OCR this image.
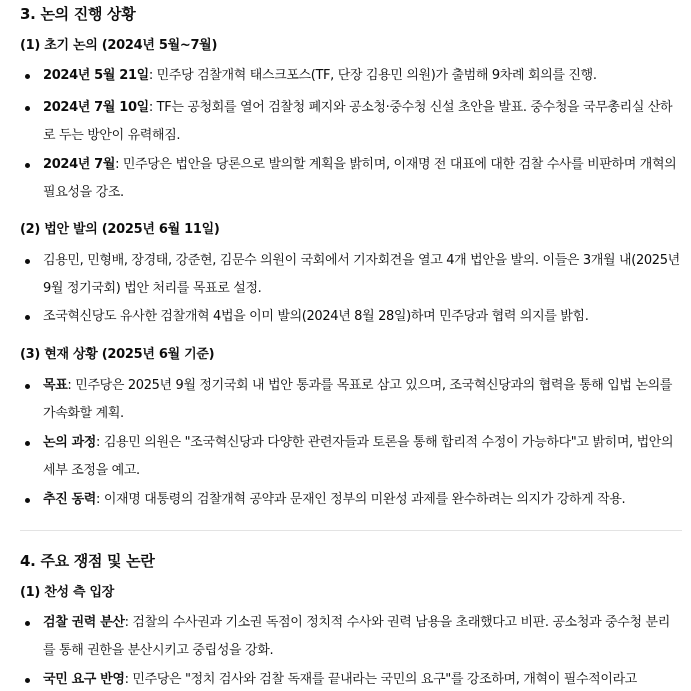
3. 논의 진행 상황
(1) 초기 논의 (2024년 5월~7월)
2024년 5월 21일: 민주당 검찰개혁 태스크포스(TF, 단장 김용민 의원)가 출범해 9차례 회의를 진행.
2024년 7월 10일: TF는 공청회를 열어 검찰청 폐지와 공소청·중수청 신설 초안을 발표. 중수청을 국무총리실 산하로 두는 방안이 유력해짐.
2024년 7월: 민주당은 법안을 당론으로 발의할 계획을 밝히며, 이재명 전 대표에 대한 검찰 수사를 비판하며 개혁의 필요성을 강조.
(2) 법안 발의 (2025년 6월 11일)
김용민, 민형배, 장경태, 강준현, 김문수 의원이 국회에서 기자회견을 열고 4개 법안을 발의. 이들은 3개월 내(2025년 9월 정기국회) 법안 처리를 목표로 설정.
조국혁신당도 유사한 검찰개혁 4법을 이미 발의(2024년 8월 28일)하며 민주당과 협력 의지를 밝힘.
(3) 현재 상황 (2025년 6월 기준)
목표: 민주당은 2025년 9월 정기국회 내 법안 통과를 목표로 삼고 있으며, 조국혁신당과의 협력을 통해 입법 논의를 가속화할 계획.
논의 과정: 김용민 의원은 "조국혁신당과 다양한 관련자들과 토론을 통해 합리적 수정이 가능하다"고 밝히며, 법안의 세부 조정을 예고.
추진 동력: 이재명 대통령의 검찰개혁 공약과 문재인 정부의 미완성 과제를 완수하려는 의지가 강하게 작용.
4. 주요 쟁점 및 논란
(1) 찬성 측 입장
검찰 권력 분산: 검찰의 수사권과 기소권 독점이 정치적 수사와 권력 남용을 초래했다고 비판. 공소청과 중수청 분리를 통해 권한을 분산시키고 중립성을 강화.
국민 요구 반영: 민주당은 "정치 검사와 검찰 독재를 끝내라는 국민의 요구"를 강조하며, 개혁이 필수적이라고
